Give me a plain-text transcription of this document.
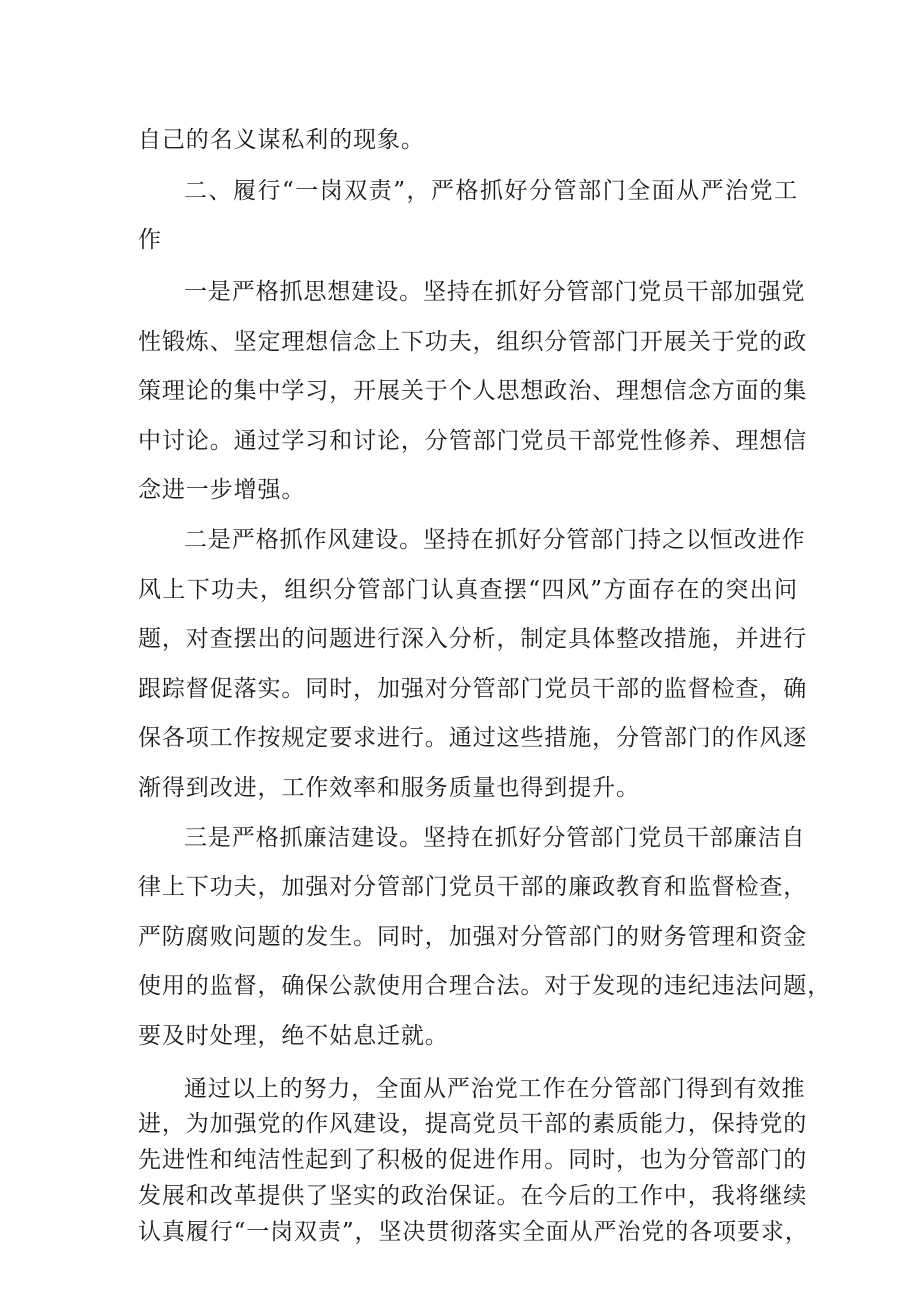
自己的名义谋私利的现象。
二、履行“一岗双责”，严格抓好分管部门全面从严治党工
作
一是严格抓思想建设。坚持在抓好分管部门党员干部加强党
性锻炼、坚定理想信念上下功夫，组织分管部门开展关于党的政
策理论的集中学习，开展关于个人思想政治、理想信念方面的集
中讨论。通过学习和讨论，分管部门党员干部党性修养、理想信
念进一步增强。
二是严格抓作风建设。坚持在抓好分管部门持之以恒改进作
风上下功夫，组织分管部门认真查摆“四风”方面存在的突出问
题，对查摆出的问题进行深入分析，制定具体整改措施，并进行
跟踪督促落实。同时，加强对分管部门党员干部的监督检查，确
保各项工作按规定要求进行。通过这些措施，分管部门的作风逐
渐得到改进，工作效率和服务质量也得到提升。
三是严格抓廉洁建设。坚持在抓好分管部门党员干部廉洁自
律上下功夫，加强对分管部门党员干部的廉政教育和监督检查，
严防腐败问题的发生。同时，加强对分管部门的财务管理和资金
使用的监督，确保公款使用合理合法。对于发现的违纪违法问题，
要及时处理，绝不姑息迁就。
通过以上的努力，全面从严治党工作在分管部门得到有效推
进，为加强党的作风建设，提高党员干部的素质能力，保持党的
先进性和纯洁性起到了积极的促进作用。同时，也为分管部门的
发展和改革提供了坚实的政治保证。在今后的工作中，我将继续
认真履行“一岗双责”，坚决贯彻落实全面从严治党的各项要求，
